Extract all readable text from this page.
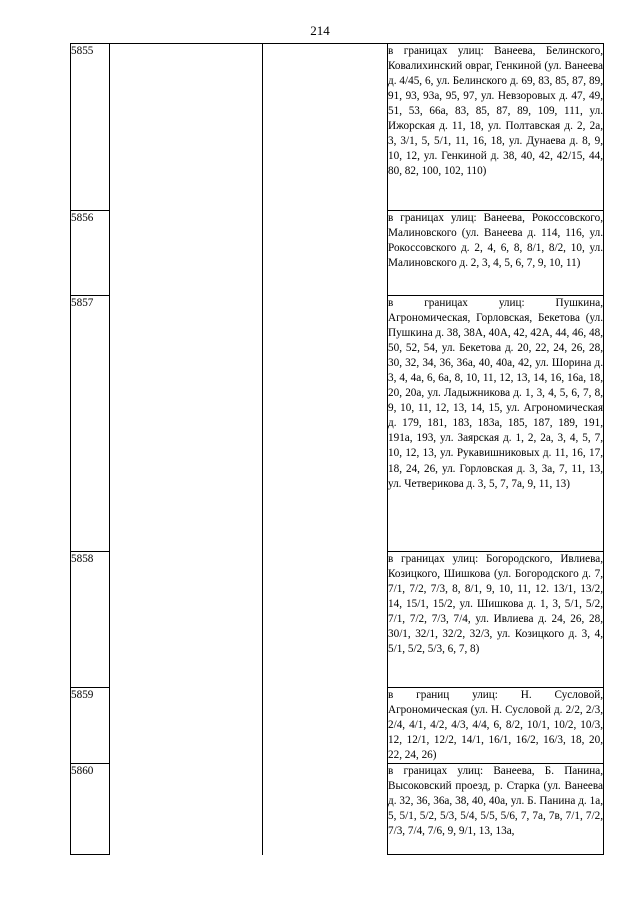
214
5855			в границах улиц: Ванеева, Белинского, Ковалихинский овраг, Генкиной (ул. Ванеева д. 4/45, 6, ул. Белинского д. 69, 83, 85, 87, 89, 91, 93, 93а, 95, 97, ул. Невзоровых д. 47, 49, 51, 53, 66а, 83, 85, 87, 89, 109, 111, ул. Ижорская д. 11, 18, ул. Полтавская д. 2, 2а, 3, 3/1, 5, 5/1, 11, 16, 18, ул. Дунаева д. 8, 9, 10, 12, ул. Генкиной д. 38, 40, 42, 42/15, 44, 80, 82, 100, 102, 110)
5856			в границах улиц: Ванеева, Рокоссовского, Малиновского (ул. Ванеева д. 114, 116, ул. Рокоссовского д. 2, 4, 6, 8, 8/1, 8/2, 10, ул. Малиновского д. 2, 3, 4, 5, 6, 7, 9, 10, 11)
5857			в границах улиц: Пушкина, Агрономическая, Горловская, Бекетова (ул. Пушкина д. 38, 38А, 40А, 42, 42А, 44, 46, 48, 50, 52, 54, ул. Бекетова д. 20, 22, 24, 26, 28, 30, 32, 34, 36, 36а, 40, 40а, 42, ул. Шорина д. 3, 4, 4а, 6, 6а, 8, 10, 11, 12, 13, 14, 16, 16а, 18, 20, 20а, ул. Ладыжникова д. 1, 3, 4, 5, 6, 7, 8, 9, 10, 11, 12, 13, 14, 15, ул. Агрономическая д. 179, 181, 183, 183а, 185, 187, 189, 191, 191а, 193, ул. Заярская д. 1, 2, 2а, 3, 4, 5, 7, 10, 12, 13, ул. Рукавишниковых д. 11, 16, 17, 18, 24, 26, ул. Горловская д. 3, 3а, 7, 11, 13, ул. Четверикова д. 3, 5, 7, 7а, 9, 11, 13)
5858			в границах улиц: Богородского, Ивлиева, Козицкого, Шишкова (ул. Богородского д. 7, 7/1, 7/2, 7/3, 8, 8/1, 9, 10, 11, 12. 13/1, 13/2, 14, 15/1, 15/2, ул. Шишкова д. 1, 3, 5/1, 5/2, 7/1, 7/2, 7/3, 7/4, ул. Ивлиева д. 24, 26, 28, 30/1, 32/1, 32/2, 32/3, ул. Козицкого д. 3, 4, 5/1, 5/2, 5/3, 6, 7, 8)
5859			в границ улиц: Н. Сусловой, Агрономическая (ул. Н. Сусловой д. 2/2, 2/3, 2/4, 4/1, 4/2, 4/3, 4/4, 6, 8/2, 10/1, 10/2, 10/3, 12, 12/1, 12/2, 14/1, 16/1, 16/2, 16/3, 18, 20, 22, 24, 26)
5860			в границах улиц: Ванеева, Б. Панина, Высоковский проезд, р. Старка (ул. Ванеева д. 32, 36, 36а, 38, 40, 40а, ул. Б. Панина д. 1а, 5, 5/1, 5/2, 5/3, 5/4, 5/5, 5/6, 7, 7а, 7в, 7/1, 7/2, 7/3, 7/4, 7/6, 9, 9/1, 13, 13а,
